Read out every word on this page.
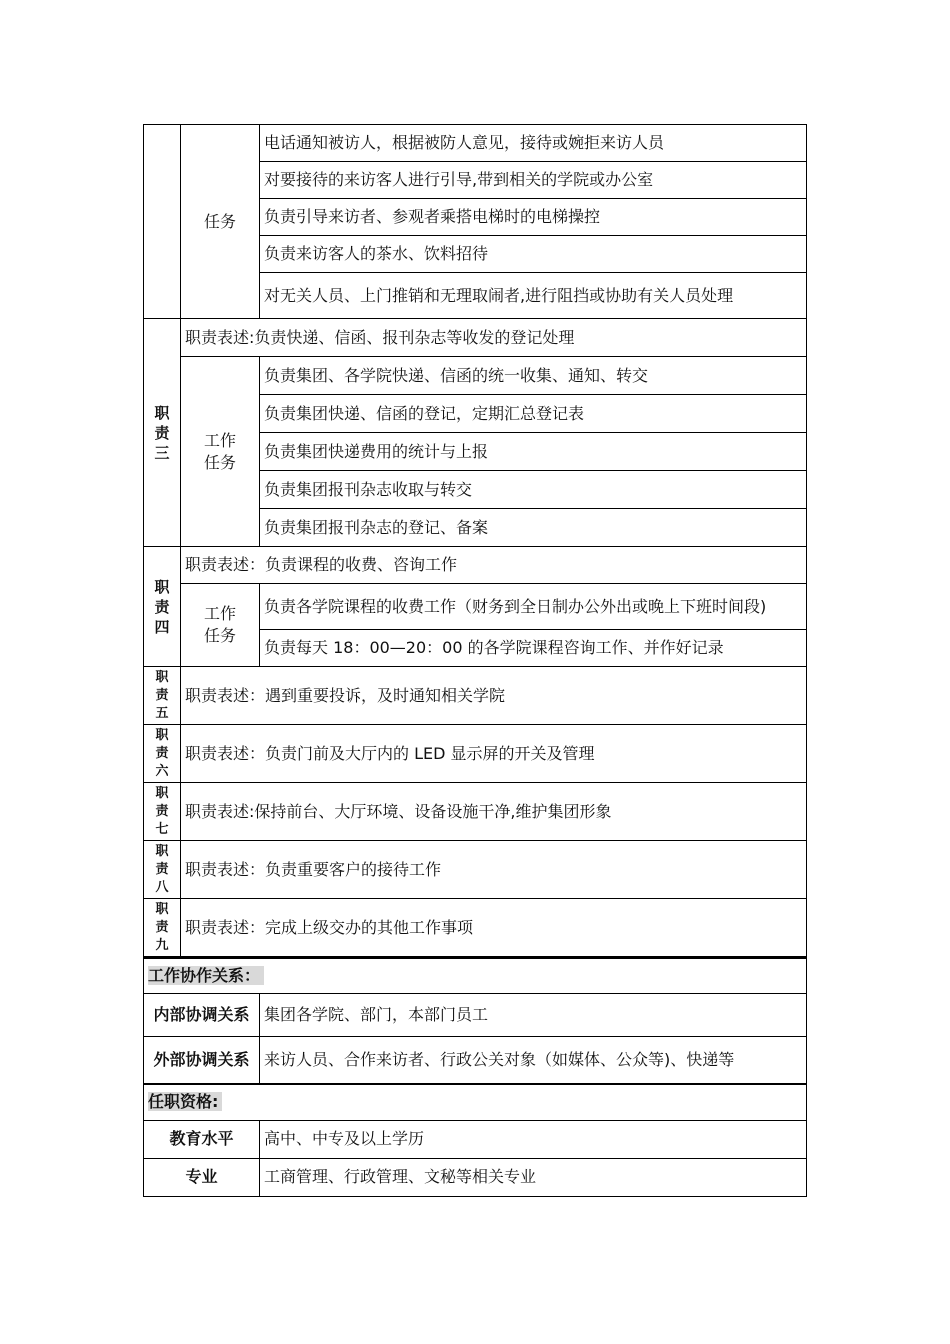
	任务	电话通知被访人，根据被防人意见，接待或婉拒来访人员
		对要接待的来访客人进行引导,带到相关的学院或办公室
		负责引导来访者、参观者乘搭电梯时的电梯操控
		负责来访客人的茶水、饮料招待
		对无关人员、上门推销和无理取闹者,进行阻挡或协助有关人员处理

职责三	职责表述:负责快递、信函、报刊杂志等收发的登记处理	

	工作任务	负责集团、各学院快递、信函的统一收集、通知、转交
		负责集团快递、信函的登记，定期汇总登记表
		负责集团快递费用的统计与上报
		负责集团报刊杂志收取与转交
		负责集团报刊杂志的登记、备案

职责四	职责表述：负责课程的收费、咨询工作	

	工作任务	负责各学院课程的收费工作（财务到全日制办公外出或晚上下班时间段)
		负责每天 18：00—20：00 的各学院课程咨询工作、并作好记录

职责五	职责表述：遇到重要投诉，及时通知相关学院	

职责六	职责表述：负责门前及大厅内的 LED 显示屏的开关及管理	

职责七	职责表述:保持前台、大厅环境、设备设施干净,维护集团形象	

职责八	职责表述：负责重要客户的接待工作	

职责九	职责表述：完成上级交办的其他工作事项	
工作协作关系：	
内部协调关系	集团各学院、部门，本部门员工
外部协调关系	来访人员、合作来访者、行政公关对象（如媒体、公众等)、快递等
任职资格:	
教育水平	高中、中专及以上学历
专业	工商管理、行政管理、文秘等相关专业
